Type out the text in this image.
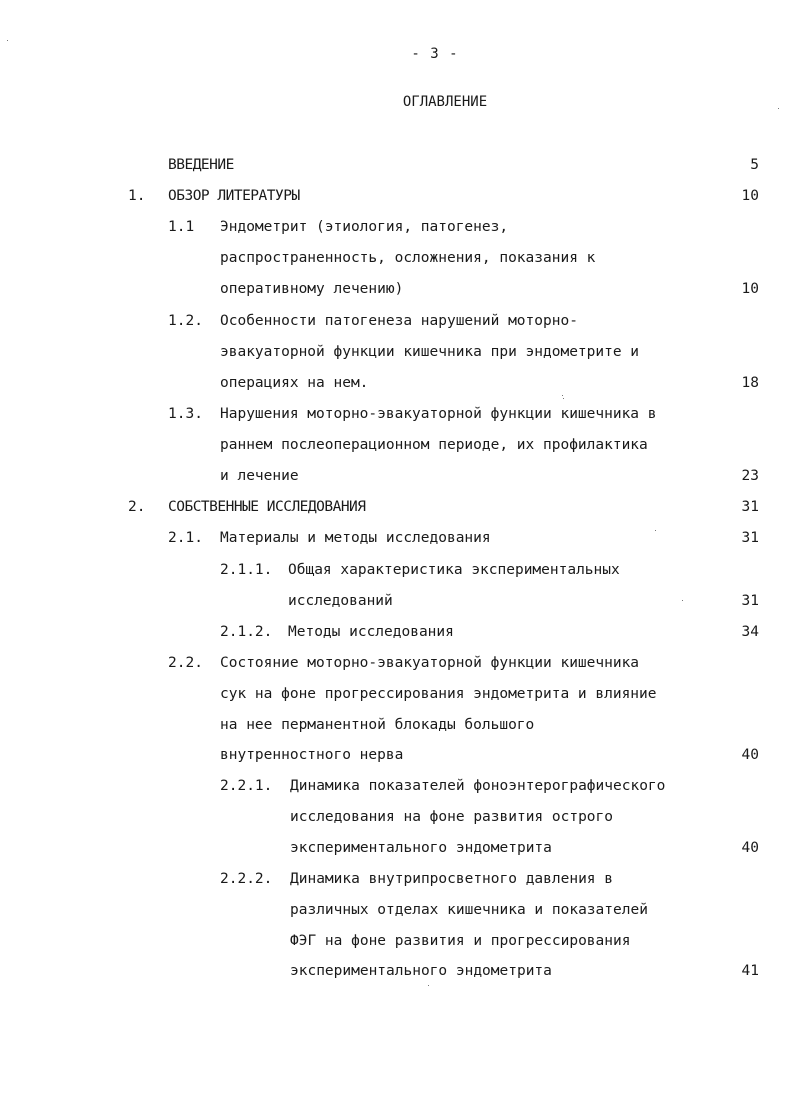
- 3 -
ОГЛАВЛЕНИЕ
ВВЕДЕНИЕ	5
1. ОБЗОР ЛИТЕРАТУРЫ	10
1.1 Эндометрит (этиология, патогенез,
распространенность, осложнения, показания к
оперативному лечению)	10
1.2. Особенности патогенеза нарушений моторно-
эвакуаторной функции кишечника при эндометрите и
операциях на нем.	18
1.3. Нарушения моторно-эвакуаторной функции кишечника в
раннем послеоперационном периоде, их профилактика
и лечение	23
2. СОБСТВЕННЫЕ ИССЛЕДОВАНИЯ	31
2.1. Материалы и методы исследования	31
2.1.1. Общая характеристика экспериментальных
исследований	31
2.1.2. Методы исследования	34
2.2. Состояние моторно-эвакуаторной функции кишечника
сук на фоне прогрессирования эндометрита и влияние
на нее перманентной блокады большого
внутренностного нерва	40
2.2.1. Динамика показателей фоноэнтерографического
исследования на фоне развития острого
экспериментального эндометрита	40
2.2.2. Динамика внутрипросветного давления в
различных отделах кишечника и показателей
ФЭГ на фоне развития и прогрессирования
экспериментального эндометрита	41
